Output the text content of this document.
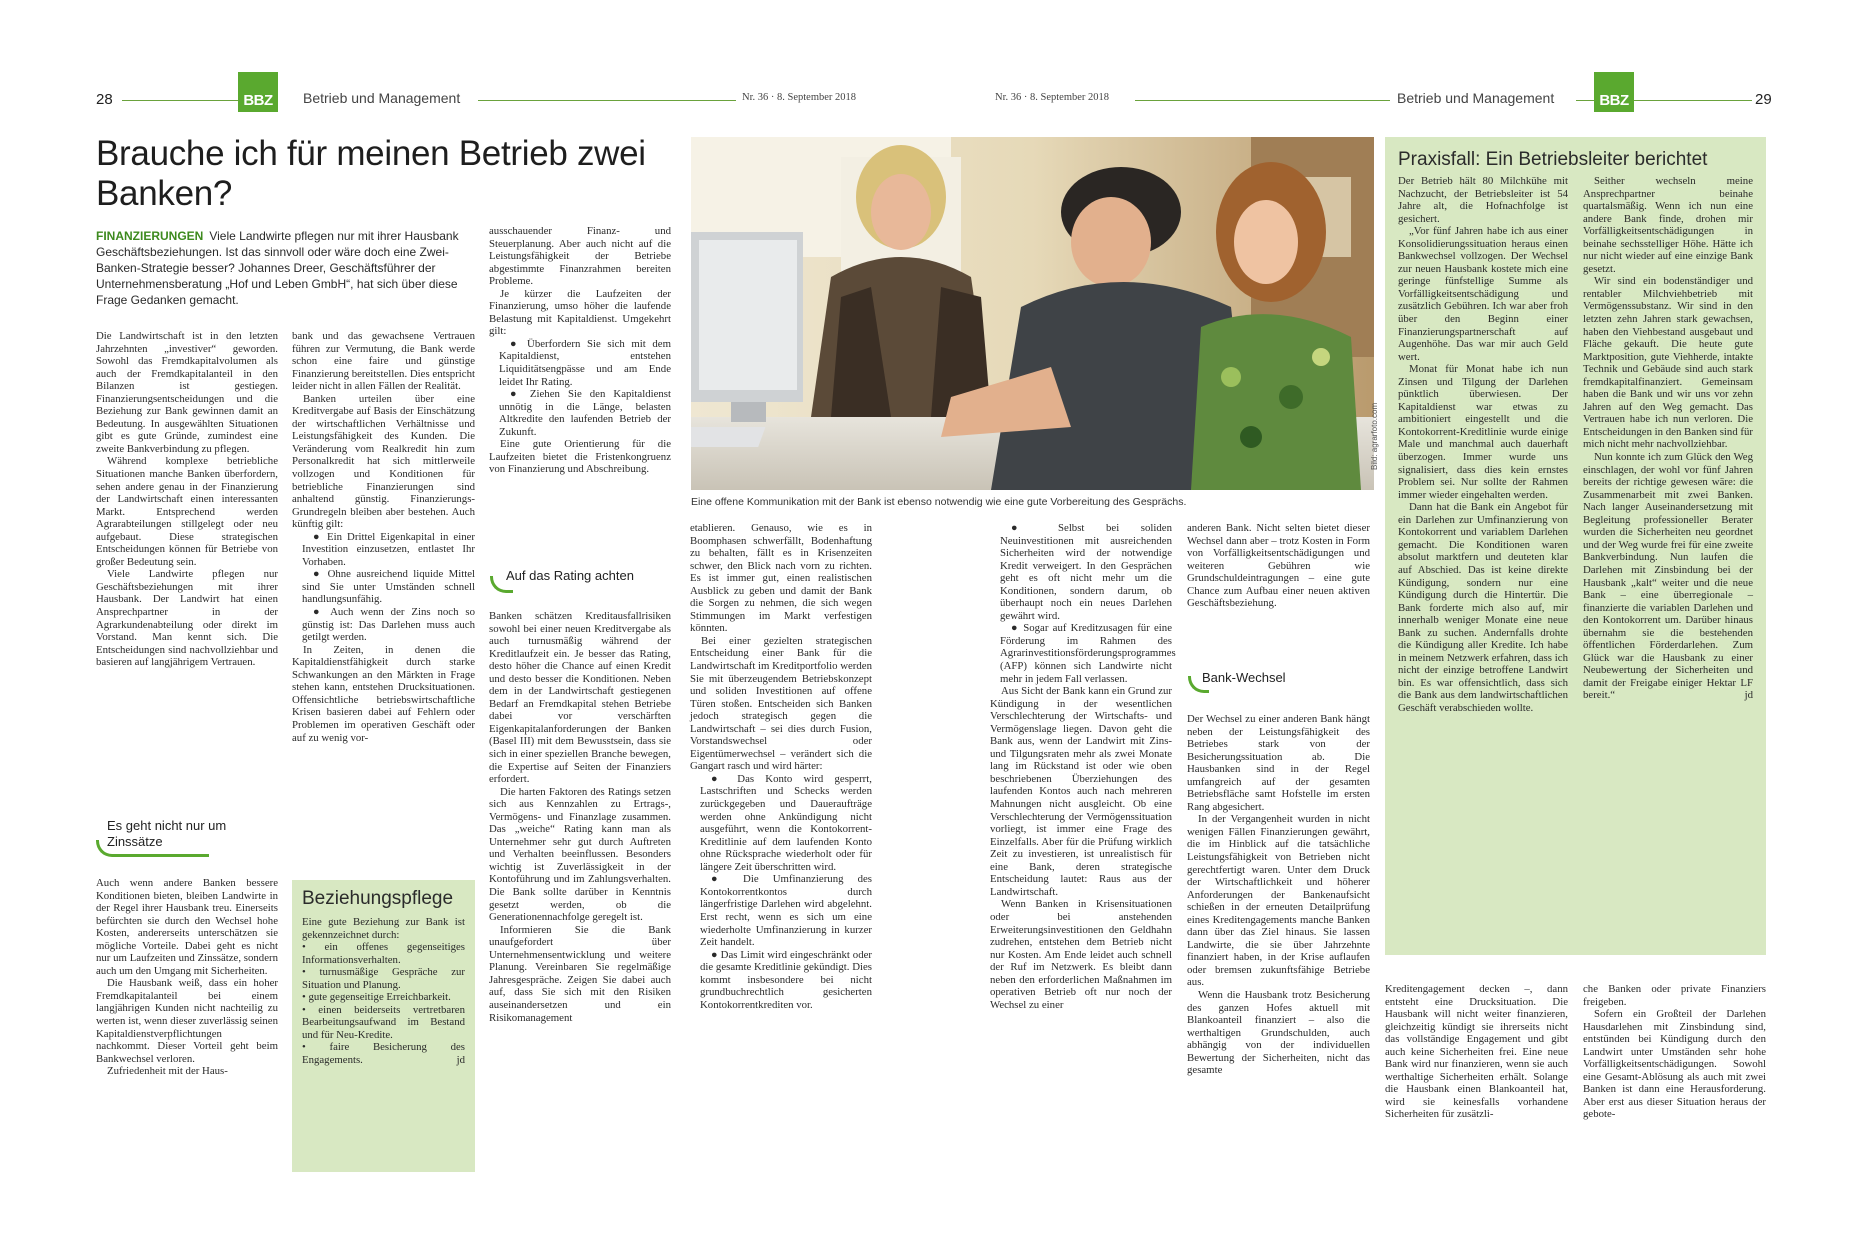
28	BBZ	Betrieb und Management	Nr. 36 · 8. September 2018	Nr. 36 · 8. September 2018	Betrieb und Management	BBZ	29
Brauche ich für meinen Betrieb zwei Banken?
FINANZIERUNGEN Viele Landwirte pflegen nur mit ihrer Hausbank Geschäftsbeziehungen. Ist das sinnvoll oder wäre doch eine Zwei-Banken-Strategie besser? Johannes Dreer, Geschäftsführer der Unternehmensberatung „Hof und Leben GmbH“, hat sich über diese Frage Gedanken gemacht.
Bild: agrarfoto.com
Eine offene Kommunikation mit der Bank ist ebenso notwendig wie eine gute Vorbereitung des Gesprächs.

Die Landwirtschaft ist in den letzten Jahrzehnten „investiver“ geworden. Sowohl das Fremdkapitalvolumen als auch der Fremdkapitalanteil in den Bilanzen ist gestiegen. Finanzierungsentscheidungen und die Beziehung zur Bank gewinnen damit an Bedeutung. In ausgewählten Situationen gibt es gute Gründe, zumindest eine zweite Bankverbindung zu pflegen.

Während komplexe betriebliche Situationen manche Banken überfordern, sehen andere genau in der Finanzierung der Landwirtschaft einen interessanten Markt. Entsprechend werden Agrarabteilungen stillgelegt oder neu aufgebaut. Diese strategischen Entscheidungen können für Betriebe von großer Bedeutung sein.

Viele Landwirte pflegen nur Geschäftsbeziehungen mit ihrer Hausbank. Der Landwirt hat einen Ansprechpartner in der Agrarkundenabteilung oder direkt im Vorstand. Man kennt sich. Die Entscheidungen sind nachvollziehbar und basieren auf langjährigem Vertrauen.

Es geht nicht nur um Zinssätze

Auch wenn andere Banken bessere Konditionen bieten, bleiben Landwirte in der Regel ihrer Hausbank treu. Einerseits befürchten sie durch den Wechsel hohe Kosten, andererseits unterschätzen sie mögliche Vorteile. Dabei geht es nicht nur um Laufzeiten und Zinssätze, sondern auch um den Umgang mit Sicherheiten.

Die Hausbank weiß, dass ein hoher Fremdkapitalanteil bei einem langjährigen Kunden nicht nachteilig zu werten ist, wenn dieser zuverlässig seinen Kapitaldienstverpflichtungen nachkommt. Dieser Vorteil geht beim Bankwechsel verloren.

Zufriedenheit mit der Haus-

bank und das gewachsene Vertrauen führen zur Vermutung, die Bank werde schon eine faire und günstige Finanzierung bereitstellen. Dies entspricht leider nicht in allen Fällen der Realität.

Banken urteilen über eine Kreditvergabe auf Basis der Einschätzung der wirtschaftlichen Verhältnisse und Leistungsfähigkeit des Kunden. Die Veränderung vom Realkredit hin zum Personalkredit hat sich mittlerweile vollzogen und Konditionen für betriebliche Finanzierungen sind anhaltend günstig. Finanzierungs-Grundregeln bleiben aber bestehen. Auch künftig gilt:

● Ein Drittel Eigenkapital in einer Investition einzusetzen, entlastet Ihr Vorhaben.

● Ohne ausreichend liquide Mittel sind Sie unter Umständen schnell handlungsunfähig.

● Auch wenn der Zins noch so günstig ist: Das Darlehen muss auch getilgt werden.

In Zeiten, in denen die Kapitaldienstfähigkeit durch starke Schwankungen an den Märkten in Frage stehen kann, entstehen Drucksituationen. Offensichtliche betriebswirtschaftliche Krisen basieren dabei auf Fehlern oder Problemen im operativen Geschäft oder auf zu wenig vor-

Beziehungspflege

Eine gute Beziehung zur Bank ist gekennzeichnet durch:

• ein offenes gegenseitiges Informationsverhalten.

• turnusmäßige Gespräche zur Situation und Planung.

• gute gegenseitige Erreichbarkeit.

• einen beiderseits vertretbaren Bearbeitungsaufwand im Bestand und für Neu-Kredite.

• faire Besicherung des Engagements.	jd

ausschauender Finanz- und Steuerplanung. Aber auch nicht auf die Leistungsfähigkeit der Betriebe abgestimmte Finanzrahmen bereiten Probleme.

Je kürzer die Laufzeiten der Finanzierung, umso höher die laufende Belastung mit Kapitaldienst. Umgekehrt gilt:

● Überfordern Sie sich mit dem Kapitaldienst, entstehen Liquiditätsengpässe und am Ende leidet Ihr Rating.

● Ziehen Sie den Kapitaldienst unnötig in die Länge, belasten Altkredite den laufenden Betrieb der Zukunft.

Eine gute Orientierung für die Laufzeiten bietet die Fristenkongruenz von Finanzierung und Abschreibung.

Auf das Rating achten

Banken schätzen Kreditausfallrisiken sowohl bei einer neuen Kreditvergabe als auch turnusmäßig während der Kreditlaufzeit ein. Je besser das Rating, desto höher die Chance auf einen Kredit und desto besser die Konditionen. Neben dem in der Landwirtschaft gestiegenen Bedarf an Fremdkapital stehen Betriebe dabei vor verschärften Eigenkapitalanforderungen der Banken (Basel III) mit dem Bewusstsein, dass sie sich in einer speziellen Branche bewegen, die Expertise auf Seiten der Finanziers erfordert.

Die harten Faktoren des Ratings setzen sich aus Kennzahlen zu Ertrags-, Vermögens- und Finanzlage zusammen. Das „weiche“ Rating kann man als Unternehmer sehr gut durch Auftreten und Verhalten beeinflussen. Besonders wichtig ist Zuverlässigkeit in der Kontoführung und im Zahlungsverhalten. Die Bank sollte darüber in Kenntnis gesetzt werden, ob die Generationennachfolge geregelt ist.

Informieren Sie die Bank unaufgefordert über Unternehmensentwicklung und weitere Planung. Vereinbaren Sie regelmäßige Jahresgespräche. Zeigen Sie dabei auch auf, dass Sie sich mit den Risiken auseinandersetzen und ein Risikomanagement

etablieren. Genauso, wie es in Boomphasen schwerfällt, Bodenhaftung zu behalten, fällt es in Krisenzeiten schwer, den Blick nach vorn zu richten. Es ist immer gut, einen realistischen Ausblick zu geben und damit der Bank die Sorgen zu nehmen, die sich wegen Stimmungen im Markt verfestigen könnten.

Bei einer gezielten strategischen Entscheidung einer Bank für die Landwirtschaft im Kreditportfolio werden Sie mit überzeugendem Betriebskonzept und soliden Investitionen auf offene Türen stoßen. Entscheiden sich Banken jedoch strategisch gegen die Landwirtschaft – sei dies durch Fusion, Vorstandswechsel oder Eigentümerwechsel – verändert sich die Gangart rasch und wird härter:

● Das Konto wird gesperrt, Lastschriften und Schecks werden zurückgegeben und Daueraufträge werden ohne Ankündigung nicht ausgeführt, wenn die Kontokorrent-Kreditlinie auf dem laufenden Konto ohne Rücksprache wiederholt oder für längere Zeit überschritten wird.

● Die Umfinanzierung des Kontokorrentkontos durch längerfristige Darlehen wird abgelehnt. Erst recht, wenn es sich um eine wiederholte Umfinanzierung in kurzer Zeit handelt.

● Das Limit wird eingeschränkt oder die gesamte Kreditlinie gekündigt. Dies kommt insbesondere bei nicht grundbuchrechtlich gesicherten Kontokorrentkrediten vor.

● Selbst bei soliden Neuinvestitionen mit ausreichenden Sicherheiten wird der notwendige Kredit verweigert. In den Gesprächen geht es oft nicht mehr um die Konditionen, sondern darum, ob überhaupt noch ein neues Darlehen gewährt wird.

● Sogar auf Kreditzusagen für eine Förderung im Rahmen des Agrarinvestitionsförderungsprogrammes (AFP) können sich Landwirte nicht mehr in jedem Fall verlassen.

Aus Sicht der Bank kann ein Grund zur Kündigung in der wesentlichen Verschlechterung der Wirtschafts- und Vermögenslage liegen. Davon geht die Bank aus, wenn der Landwirt mit Zins- und Tilgungsraten mehr als zwei Monate lang im Rückstand ist oder wie oben beschriebenen Überziehungen des laufenden Kontos auch nach mehreren Mahnungen nicht ausgleicht. Ob eine Verschlechterung der Vermögenssituation vorliegt, ist immer eine Frage des Einzelfalls. Aber für die Prüfung wirklich Zeit zu investieren, ist unrealistisch für eine Bank, deren strategische Entscheidung lautet: Raus aus der Landwirtschaft.

Wenn Banken in Krisensituationen oder bei anstehenden Erweiterungsinvestitionen den Geldhahn zudrehen, entstehen dem Betrieb nicht nur Kosten. Am Ende leidet auch schnell der Ruf im Netzwerk. Es bleibt dann neben den erforderlichen Maßnahmen im operativen Betrieb oft nur noch der Wechsel zu einer

anderen Bank. Nicht selten bietet dieser Wechsel dann aber – trotz Kosten in Form von Vorfälligkeitsentschädigungen und weiteren Gebühren wie Grundschuldeintragungen – eine gute Chance zum Aufbau einer neuen aktiven Geschäftsbeziehung.

Bank-Wechsel

Der Wechsel zu einer anderen Bank hängt neben der Leistungsfähigkeit des Betriebes stark von der Besicherungssituation ab. Die Hausbanken sind in der Regel umfangreich auf der gesamten Betriebsfläche samt Hofstelle im ersten Rang abgesichert.

In der Vergangenheit wurden in nicht wenigen Fällen Finanzierungen gewährt, die im Hinblick auf die tatsächliche Leistungsfähigkeit von Betrieben nicht gerechtfertigt waren. Unter dem Druck der Wirtschaftlichkeit und höherer Anforderungen der Bankenaufsicht schießen in der erneuten Detailprüfung eines Kreditengagements manche Banken dann über das Ziel hinaus. Sie lassen Landwirte, die sie über Jahrzehnte finanziert haben, in der Krise auflaufen oder bremsen zukunftsfähige Betriebe aus.

Wenn die Hausbank trotz Besicherung des ganzen Hofes aktuell mit Blankoanteil finanziert – also die werthaltigen Grundschulden, auch abhängig von der individuellen Bewertung der Sicherheiten, nicht das gesamte

Praxisfall: Ein Betriebsleiter berichtet

Der Betrieb hält 80 Milchkühe mit Nachzucht, der Betriebsleiter ist 54 Jahre alt, die Hofnachfolge ist gesichert.

„Vor fünf Jahren habe ich aus einer Konsolidierungssituation heraus einen Bankwechsel vollzogen. Der Wechsel zur neuen Hausbank kostete mich eine geringe fünfstellige Summe als Vorfälligkeitsentschädigung und zusätzlich Gebühren. Ich war aber froh über den Beginn einer Finanzierungspartnerschaft auf Augenhöhe. Das war mir auch Geld wert.

Monat für Monat habe ich nun Zinsen und Tilgung der Darlehen pünktlich überwiesen. Der Kapitaldienst war etwas zu ambitioniert eingestellt und die Kontokorrent-Kreditlinie wurde einige Male und manchmal auch dauerhaft überzogen. Immer wurde uns signalisiert, dass dies kein ernstes Problem sei. Nur sollte der Rahmen immer wieder eingehalten werden.

Dann hat die Bank ein Angebot für ein Darlehen zur Umfinanzierung von Kontokorrent und variablem Darlehen gemacht. Die Konditionen waren absolut marktfern und deuteten klar auf Abschied. Das ist keine direkte Kündigung, sondern nur eine Kündigung durch die Hintertür. Die Bank forderte mich also auf, mir innerhalb weniger Monate eine neue Bank zu suchen. Andernfalls drohte die Kündigung aller Kredite. Ich habe in meinem Netzwerk erfahren, dass ich nicht der einzige betroffene Landwirt bin. Es war offensichtlich, dass sich die Bank aus dem landwirtschaftlichen Geschäft verabschieden wollte.

Seither wechseln meine Ansprechpartner beinahe quartalsmäßig. Wenn ich nun eine andere Bank finde, drohen mir Vorfälligkeitsentschädigungen in beinahe sechsstelliger Höhe. Hätte ich nur nicht wieder auf eine einzige Bank gesetzt.

Wir sind ein bodenständiger und rentabler Milchviehbetrieb mit Vermögenssubstanz. Wir sind in den letzten zehn Jahren stark gewachsen, haben den Viehbestand ausgebaut und Fläche gekauft. Die heute gute Marktposition, gute Viehherde, intakte Technik und Gebäude sind auch stark fremdkapitalfinanziert. Gemeinsam haben die Bank und wir uns vor zehn Jahren auf den Weg gemacht. Das Vertrauen habe ich nun verloren. Die Entscheidungen in den Banken sind für mich nicht mehr nachvollziehbar.

Nun konnte ich zum Glück den Weg einschlagen, der wohl vor fünf Jahren bereits der richtige gewesen wäre: die Zusammenarbeit mit zwei Banken. Nach langer Auseinandersetzung mit Begleitung professioneller Berater wurden die Sicherheiten neu geordnet und der Weg wurde frei für eine zweite Bankverbindung. Nun laufen die Darlehen mit Zinsbindung bei der Hausbank „kalt“ weiter und die neue Bank – eine überregionale – finanzierte die variablen Darlehen und den Kontokorrent um. Darüber hinaus übernahm sie die bestehenden öffentlichen Förderdarlehen. Zum Glück war die Hausbank zu einer Neubewertung der Sicherheiten und damit der Freigabe einiger Hektar LF bereit.“	jd

Kreditengagement decken –, dann entsteht eine Drucksituation. Die Hausbank will nicht weiter finanzieren, gleichzeitig kündigt sie ihrerseits nicht das vollständige Engagement und gibt auch keine Sicherheiten frei. Eine neue Bank wird nur finanzieren, wenn sie auch werthaltige Sicherheiten erhält. Solange die Hausbank einen Blankoanteil hat, wird sie keinesfalls vorhandene Sicherheiten für zusätzli-

che Banken oder private Finanziers freigeben.

Sofern ein Großteil der Darlehen Hausdarlehen mit Zinsbindung sind, entstünden bei Kündigung durch den Landwirt unter Umständen sehr hohe Vorfälligkeitsentschädigungen. Sowohl eine Gesamt-Ablösung als auch mit zwei Banken ist dann eine Herausforderung. Aber erst aus dieser Situation heraus der gebote-
